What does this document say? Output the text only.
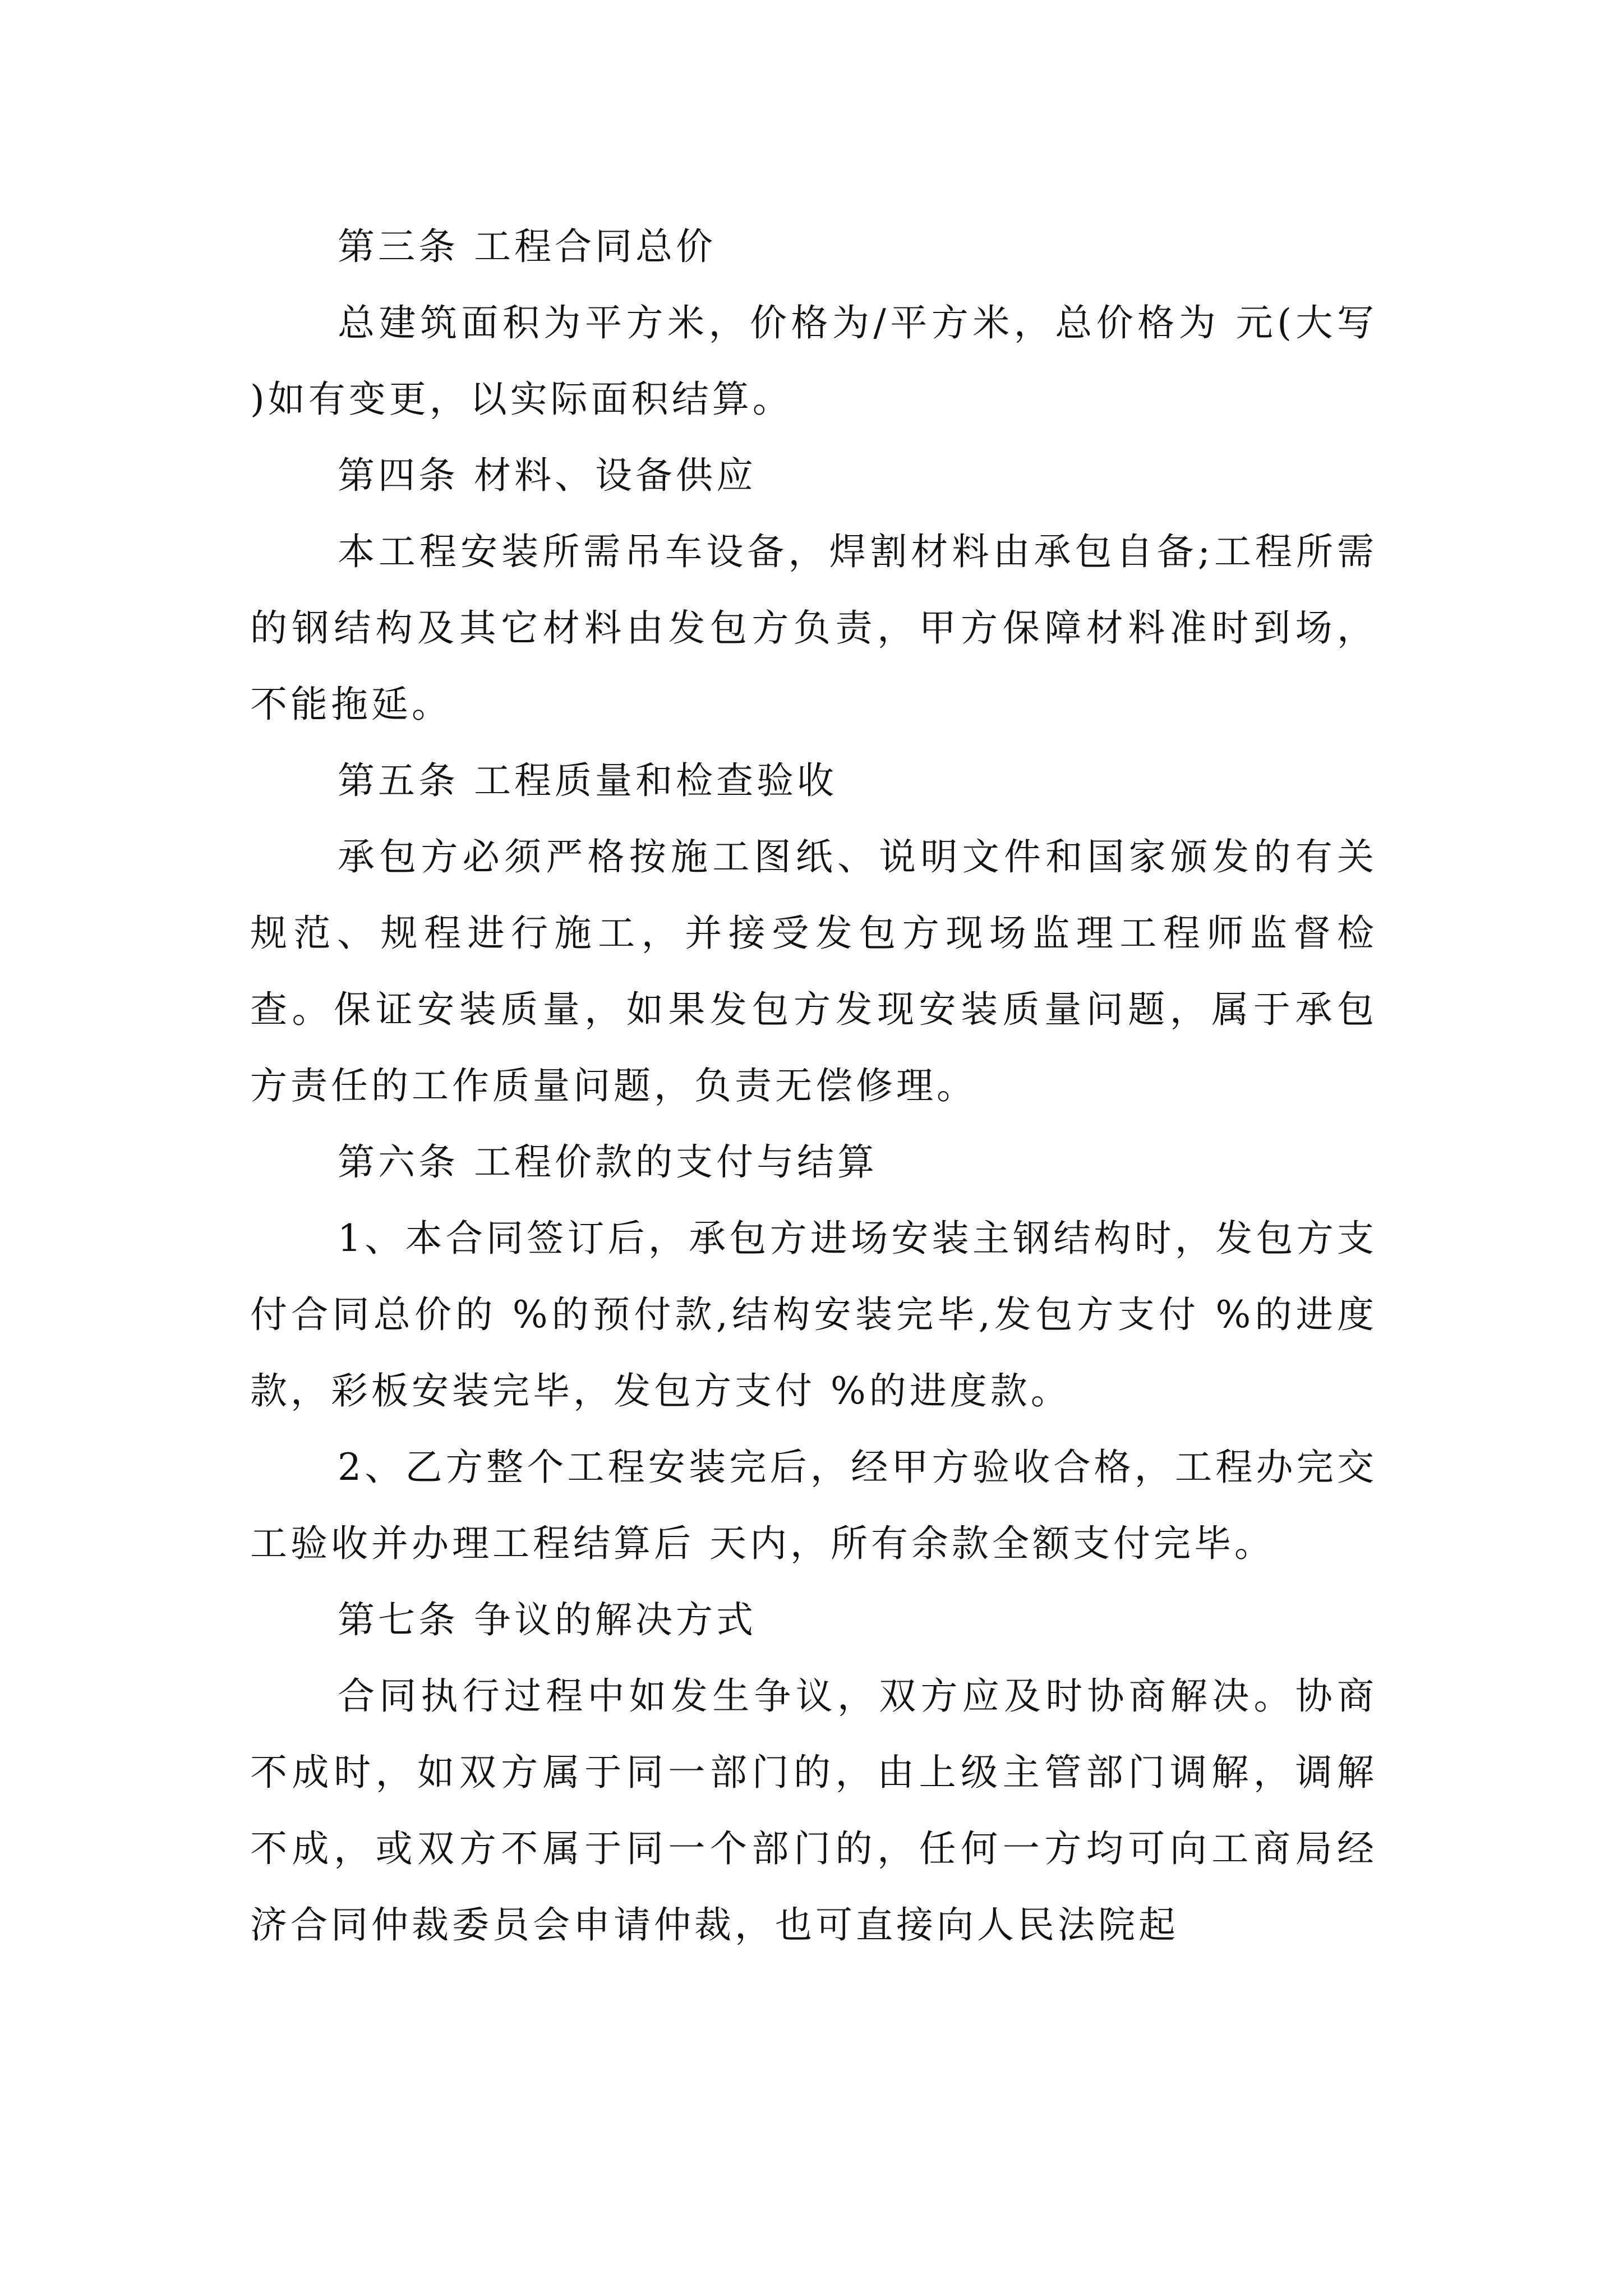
第三条 工程合同总价

总建筑面积为平方米，价格为/平方米，总价格为 元(大写 )如有变更，以实际面积结算。

第四条 材料、设备供应

本工程安装所需吊车设备，焊割材料由承包自备;工程所需的钢结构及其它材料由发包方负责，甲方保障材料准时到场，不能拖延。

第五条 工程质量和检查验收

承包方必须严格按施工图纸、说明文件和国家颁发的有关规范、规程进行施工，并接受发包方现场监理工程师监督检查。保证安装质量，如果发包方发现安装质量问题，属于承包方责任的工作质量问题，负责无偿修理。

第六条 工程价款的支付与结算

1、本合同签订后，承包方进场安装主钢结构时，发包方支付合同总价的 %的预付款,结构安装完毕,发包方支付 %的进度款，彩板安装完毕，发包方支付 %的进度款。

2、乙方整个工程安装完后，经甲方验收合格，工程办完交工验收并办理工程结算后 天内，所有余款全额支付完毕。

第七条 争议的解决方式

合同执行过程中如发生争议，双方应及时协商解决。协商不成时，如双方属于同一部门的，由上级主管部门调解，调解不成，或双方不属于同一个部门的，任何一方均可向工商局经济合同仲裁委员会申请仲裁，也可直接向人民法院起
